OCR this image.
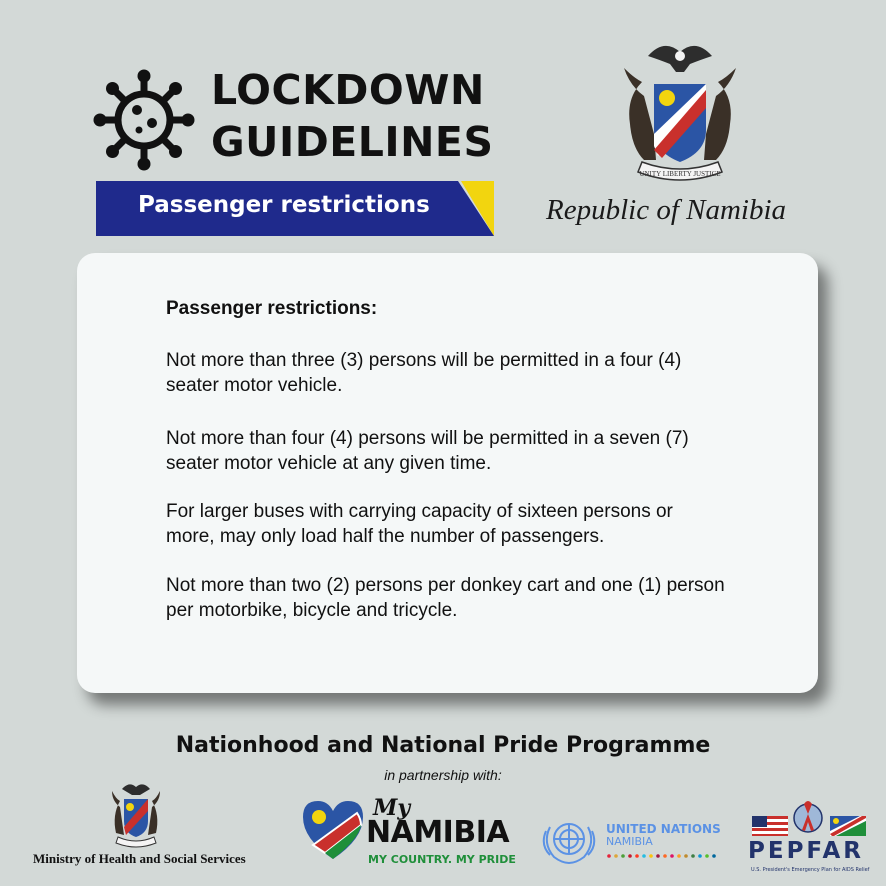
LOCKDOWN
GUIDELINES
Passenger restrictions
UNITY LIBERTY JUSTICE
Republic of Namibia
Passenger restrictions:

Not more than three (3) persons will be permitted in a four (4) seater motor vehicle.

Not more than four (4) persons will be permitted in a seven (7) seater motor vehicle at any given time.

For larger buses with carrying capacity of sixteen persons or more, may only load half the number of passengers.

Not more than two (2) persons per donkey cart and one (1) person per motorbike, bicycle and tricycle.

Nationhood and National Pride Programme
in partnership with:
Ministry of Health and Social Services
My
NAMIBIA
MY COUNTRY. MY PRIDE
UNITED NATIONS
NAMIBIA	PEPFAR
U.S. President's Emergency Plan for AIDS Relief
